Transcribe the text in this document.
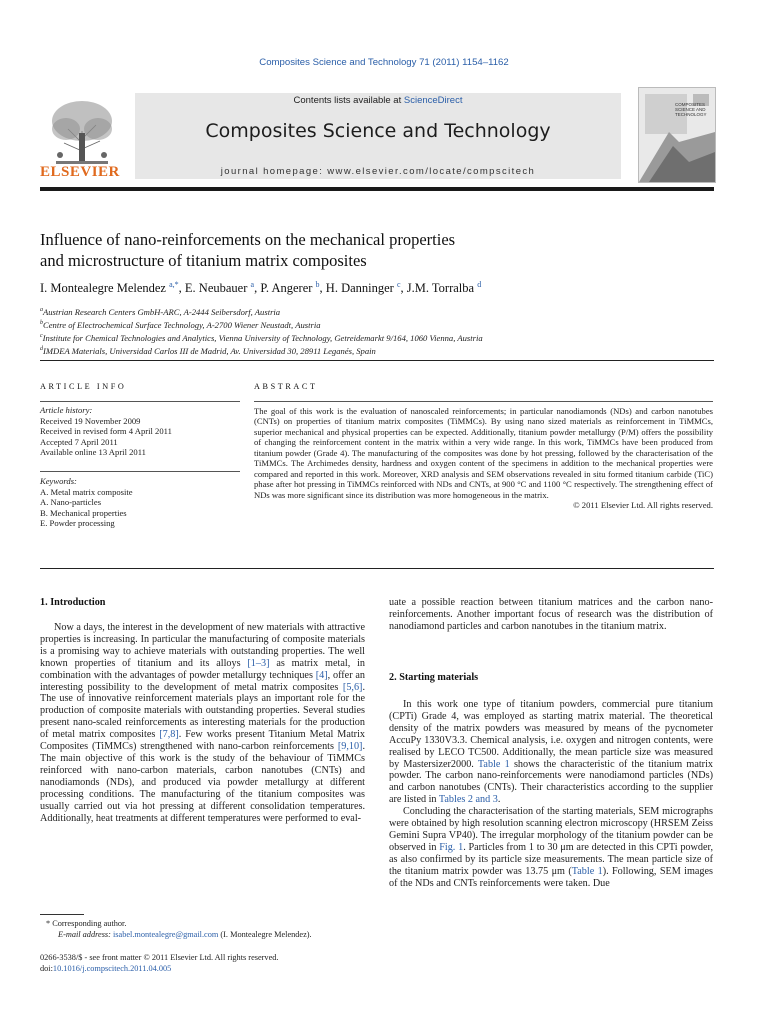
Composites Science and Technology 71 (2011) 1154–1162
ELSEVIER
Contents lists available at ScienceDirect
Composites Science and Technology
journal homepage: www.elsevier.com/locate/compscitech
COMPOSITES
SCIENCE AND
TECHNOLOGY
Influence of nano-reinforcements on the mechanical properties
and microstructure of titanium matrix composites
I. Montealegre Melendez $^{a,*}$, E. Neubauer $^a$, P. Angerer $^b$, H. Danninger $^c$, J.M. Torralba $^d$
$^a$Austrian Research Centers GmbH-ARC, A-2444 Seibersdorf, Austria
$^b$Centre of Electrochemical Surface Technology, A-2700 Wiener Neustadt, Austria
$^c$Institute for Chemical Technologies and Analytics, Vienna University of Technology, Getreidemarkt 9/164, 1060 Vienna, Austria
$^d$IMDEA Materials, Universidad Carlos III de Madrid, Av. Universidad 30, 28911 Leganés, Spain
ARTICLE INFO
Article history:
Received 19 November 2009
Received in revised form 4 April 2011
Accepted 7 April 2011
Available online 13 April 2011
Keywords:
A. Metal matrix composite
A. Nano-particles
B. Mechanical properties
E. Powder processing
ABSTRACT
The goal of this work is the evaluation of nanoscaled reinforcements; in particular nanodiamonds (NDs) and carbon nanotubes (CNTs) on properties of titanium matrix composites (TiMMCs). By using nano sized materials as reinforcement in TiMMCs, superior mechanical and physical properties can be expected. Additionally, titanium powder metallurgy (P/M) offers the possibility of changing the reinforcement content in the matrix within a very wide range. In this work, TiMMCs have been produced from titanium powder (Grade 4). The manufacturing of the composites was done by hot pressing, followed by the characterisation of the TiMMCs. The Archimedes density, hardness and oxygen content of the specimens in addition to the mechanical properties were compared and reported in this work. Moreover, XRD analysis and SEM observations revealed in situ formed titanium carbide (TiC) phase after hot pressing in TiMMCs reinforced with NDs and CNTs, at 900 °C and 1100 °C respectively. The strengthening effect of NDs was more significant since its distribution was more homogeneous in the matrix.
© 2011 Elsevier Ltd. All rights reserved.
1. Introduction

Now a days, the interest in the development of new materials with attractive properties is increasing. In particular the manufacturing of composite materials is a promising way to achieve materials with outstanding properties. The well known properties of titanium and its alloys [1–3] as matrix metal, in combination with the advantages of powder metallurgy techniques [4], offer an interesting possibility to the development of metal matrix composites [5,6]. The use of innovative reinforcement materials plays an important role for the production of composite materials with outstanding properties. Several studies present nano-scaled reinforcements as interesting materials for the production of metal matrix composites [7,8]. Few works present Titanium Metal Matrix Composites (TiMMCs) strengthened with nano-carbon reinforcements [9,10]. The main objective of this work is the study of the behaviour of TiMMCs reinforced with nano-carbon materials, carbon nanotubes (CNTs) and nanodiamonds (NDs), and produced via powder metallurgy at different processing conditions. The manufacturing of the titanium composites was usually carried out via hot pressing at different consolidation temperatures. Additionally, heat treatments at different temperatures were performed to eval-

* Corresponding author.
E-mail address: isabel.montealegre@gmail.com (I. Montealegre Melendez).
0266-3538/$ - see front matter © 2011 Elsevier Ltd. All rights reserved.
doi:10.1016/j.compscitech.2011.04.005

uate a possible reaction between titanium matrices and the carbon nano-reinforcements. Another important focus of research was the distribution of nanodiamond particles and carbon nanotubes in the titanium matrix.

2. Starting materials

In this work one type of titanium powders, commercial pure titanium (CPTi) Grade 4, was employed as starting matrix material. The theoretical density of the matrix powders was measured by means of the pycnometer AccuPy 1330V3.3. Chemical analysis, i.e. oxygen and nitrogen contents, were realised by LECO TC500. Additionally, the mean particle size was measured by Mastersizer2000. Table 1 shows the characteristic of the titanium matrix powder. The carbon nano-reinforcements were nanodiamond particles (NDs) and carbon nanotubes (CNTs). Their characteristics according to the supplier are listed in Tables 2 and 3.

Concluding the characterisation of the starting materials, SEM micrographs were obtained by high resolution scanning electron microscopy (HRSEM Zeiss Gemini Supra VP40). The irregular morphology of the titanium powder can be observed in Fig. 1. Particles from 1 to 30 μm are detected in this CPTi powder, as also confirmed by its particle size measurements. The mean particle size of the titanium matrix powder was 13.75 μm (Table 1). Following, SEM images of the NDs and CNTs reinforcements were taken. Due
